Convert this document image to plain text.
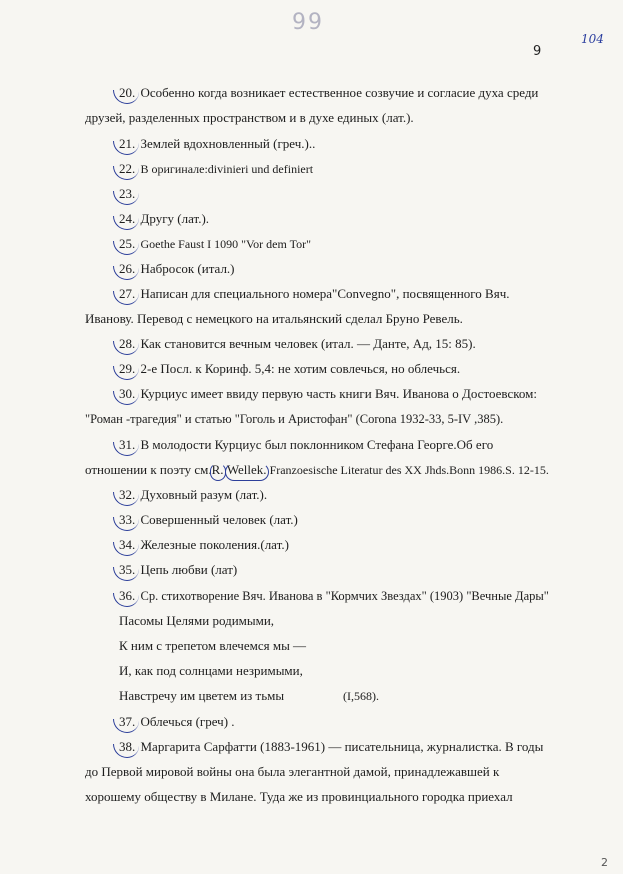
99
9
104
20. Особенно когда возникает естественное созвучие и согласие духа среди
друзей, разделенных пространством и в духе единых (лат.).
21. Землей вдохновленный (греч.)..
22. В оригинале:divinieri und definiert
23.
24. Другу (лат.).
25. Goethe Faust I 1090 "Vor dem Tor"
26. Набросок (итал.)
27. Написан для специального номера"Convegno", посвященного Вяч.
Иванову. Перевод с немецкого на итальянский сделал Бруно Ревель.
28. Как становится вечным человек (итал. — Данте, Ад, 15: 85).
29. 2-е Посл. к Коринф. 5,4: не хотим совлечься, но облечься.
30. Курциус имеет ввиду первую часть книги Вяч. Иванова о Достоевском:
"Роман -трагедия" и статью "Гоголь и Аристофан" (Corona 1932-33, 5-IV ,385).
31. В молодости Курциус был поклонником Стефана Георге.Об его
отношении к поэту см.R. Wellek. Franzoesische Literatur des XX Jhds.Bonn 1986.S. 12-15.
32. Духовный разум (лат.).
33. Совершенный человек (лат.)
34. Железные поколения.(лат.)
35. Цепь любви (лат)
36. Ср. стихотворение Вяч. Иванова в "Кормчих Звездах" (1903) "Вечные Дары"
Пасомы Целями родимыми,
К ним с трепетом влечемся мы —
И, как под солнцами незримыми,
Навстречу им цветем из тьмы	(I,568).
37. Облечься (греч) .
38. Маргарита Сарфатти (1883-1961) — писательница, журналистка. В годы
до Первой мировой войны она была элегантной дамой, принадлежавшей к
хорошему обществу в Милане. Туда же из провинциального городка приехал
2
